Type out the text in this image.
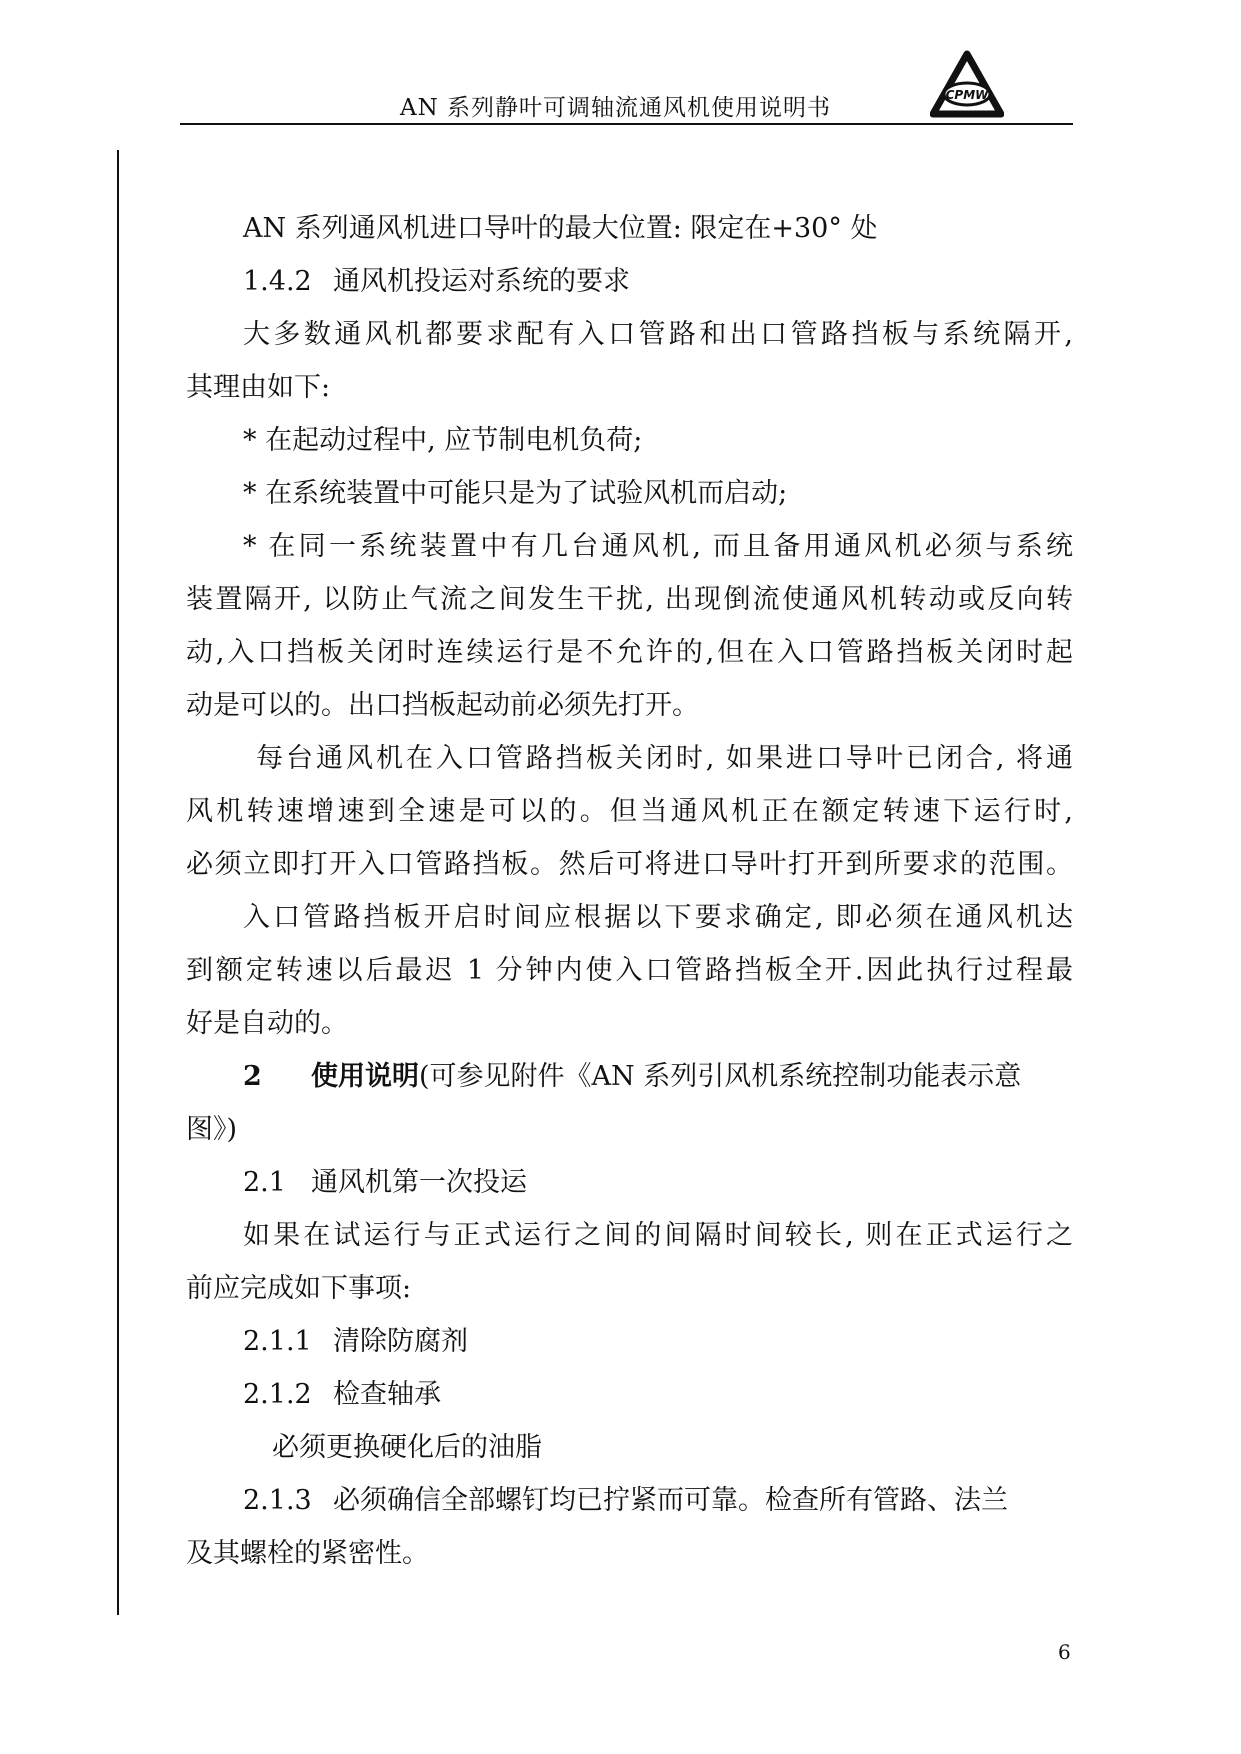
AN 系列静叶可调轴流通风机使用说明书	CPMW
AN 系列通风机进口导叶的最大位置: 限定在+30° 处
1.4.2 通风机投运对系统的要求
大多数通风机都要求配有入口管路和出口管路挡板与系统隔开,
其理由如下:
* 在起动过程中, 应节制电机负荷;
* 在系统装置中可能只是为了试验风机而启动;
* 在同一系统装置中有几台通风机, 而且备用通风机必须与系统
装置隔开, 以防止气流之间发生干扰, 出现倒流使通风机转动或反向转
动,入口挡板关闭时连续运行是不允许的,但在入口管路挡板关闭时起
动是可以的。出口挡板起动前必须先打开。
每台通风机在入口管路挡板关闭时, 如果进口导叶已闭合, 将通
风机转速增速到全速是可以的。但当通风机正在额定转速下运行时,
必须立即打开入口管路挡板。然后可将进口导叶打开到所要求的范围。
入口管路挡板开启时间应根据以下要求确定, 即必须在通风机达
到额定转速以后最迟 1 分钟内使入口管路挡板全开.因此执行过程最
好是自动的。
2 使用说明(可参见附件《AN 系列引风机系统控制功能表示意
图》)
2.1 通风机第一次投运
如果在试运行与正式运行之间的间隔时间较长, 则在正式运行之
前应完成如下事项:
2.1.1 清除防腐剂
2.1.2 检查轴承
必须更换硬化后的油脂
2.1.3 必须确信全部螺钉均已拧紧而可靠。检查所有管路、法兰
及其螺栓的紧密性。
6
